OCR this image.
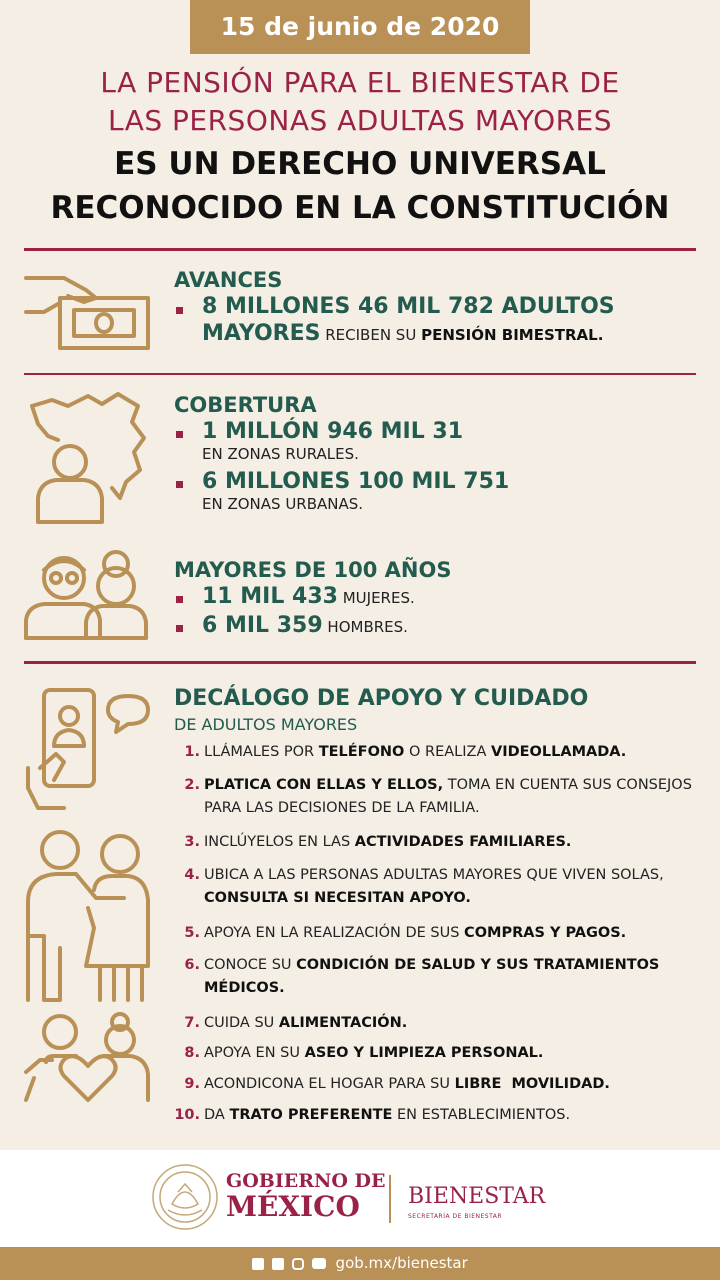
15 de junio de 2020
LA PENSIÓN PARA EL BIENESTAR DE
LAS PERSONAS ADULTAS MAYORES
ES UN DERECHO UNIVERSAL
RECONOCIDO EN LA CONSTITUCIÓN
AVANCES
8 MILLONES 46 MIL 782 ADULTOS
MAYORES RECIBEN SU PENSIÓN BIMESTRAL.
COBERTURA
1 MILLÓN 946 MIL 31
EN ZONAS RURALES.
6 MILLONES 100 MIL 751
EN ZONAS URBANAS.
MAYORES DE 100 AÑOS
11 MIL 433 MUJERES.
6 MIL 359 HOMBRES.
DECÁLOGO DE APOYO Y CUIDADO
DE ADULTOS MAYORES
1. LLÁMALES POR TELÉFONO O REALIZA VIDEOLLAMADA.
2. PLATICA CON ELLAS Y ELLOS, TOMA EN CUENTA SUS CONSEJOS PARA LAS DECISIONES DE LA FAMILIA.
3. INCLÚYELOS EN LAS ACTIVIDADES FAMILIARES.
4. UBICA A LAS PERSONAS ADULTAS MAYORES QUE VIVEN SOLAS, CONSULTA SI NECESITAN APOYO.
5. APOYA EN LA REALIZACIÓN DE SUS COMPRAS Y PAGOS.
6. CONOCE SU CONDICIÓN DE SALUD Y SUS TRATAMIENTOS MÉDICOS.
7. CUIDA SU ALIMENTACIÓN.
8. APOYA EN SU ASEO Y LIMPIEZA PERSONAL.
9. ACONDICONA EL HOGAR PARA SU LIBRE  MOVILIDAD.
10. DA TRATO PREFERENTE EN ESTABLECIMIENTOS.
GOBIERNO DE
MÉXICO BIENESTAR
SECRETARÍA DE BIENESTAR
gob.mx/bienestar
